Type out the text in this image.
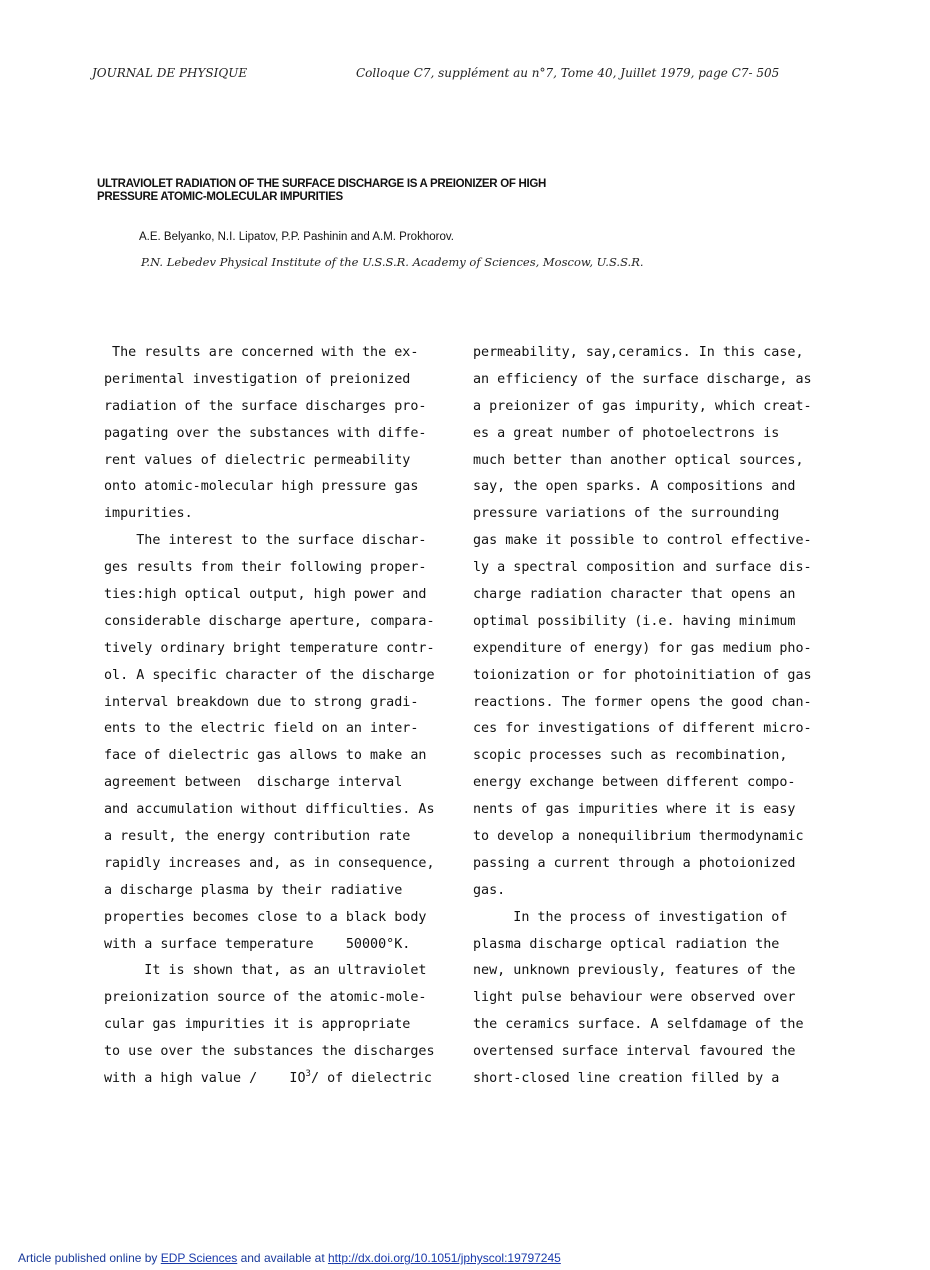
JOURNAL DE PHYSIQUE	Colloque C7, supplément au n°7, Tome 40, Juillet 1979, page C7- 505
ULTRAVIOLET RADIATION OF THE SURFACE DISCHARGE IS A PREIONIZER OF HIGH
PRESSURE ATOMIC-MOLECULAR IMPURITIES
A.E. Belyanko, N.I. Lipatov, P.P. Pashinin and A.M. Prokhorov.
P.N. Lebedev Physical Institute of the U.S.S.R. Academy of Sciences, Moscow, U.S.S.R.
The results are concerned with the ex-
perimental investigation of preionized
radiation of the surface discharges pro-
pagating over the substances with diffe-
rent values of dielectric permeability
onto atomic-molecular high pressure gas
impurities.
The interest to the surface dischar-
ges results from their following proper-
ties:high optical output, high power and
considerable discharge aperture, compara-
tively ordinary bright temperature contr-
ol. A specific character of the discharge
interval breakdown due to strong gradi-
ents to the electric field on an inter-
face of dielectric gas allows to make an
agreement between  discharge interval
and accumulation without difficulties. As
a result, the energy contribution rate
rapidly increases and, as in consequence,
a discharge plasma by their radiative
properties becomes close to a black body
with a surface temperature    50000°K.
It is shown that, as an ultraviolet
preionization source of the atomic-mole-
cular gas impurities it is appropriate
to use over the substances the discharges
with a high value /    $IO^3/$ of dielectric
permeability, say,ceramics. In this case,
an efficiency of the surface discharge, as
a preionizer of gas impurity, which creat-
es a great number of photoelectrons is
much better than another optical sources,
say, the open sparks. A compositions and
pressure variations of the surrounding
gas make it possible to control effective-
ly a spectral composition and surface dis-
charge radiation character that opens an
optimal possibility (i.e. having minimum
expenditure of energy) for gas medium pho-
toionization or for photoinitiation of gas
reactions. The former opens the good chan-
ces for investigations of different micro-
scopic processes such as recombination,
energy exchange between different compo-
nents of gas impurities where it is easy
to develop a nonequilibrium thermodynamic
passing a current through a photoionized
gas.
In the process of investigation of
plasma discharge optical radiation the
new, unknown previously, features of the
light pulse behaviour were observed over
the ceramics surface. A selfdamage of the
overtensed surface interval favoured the
short-closed line creation filled by a
Article published online by EDP Sciences and available at http://dx.doi.org/10.1051/jphyscol:19797245
